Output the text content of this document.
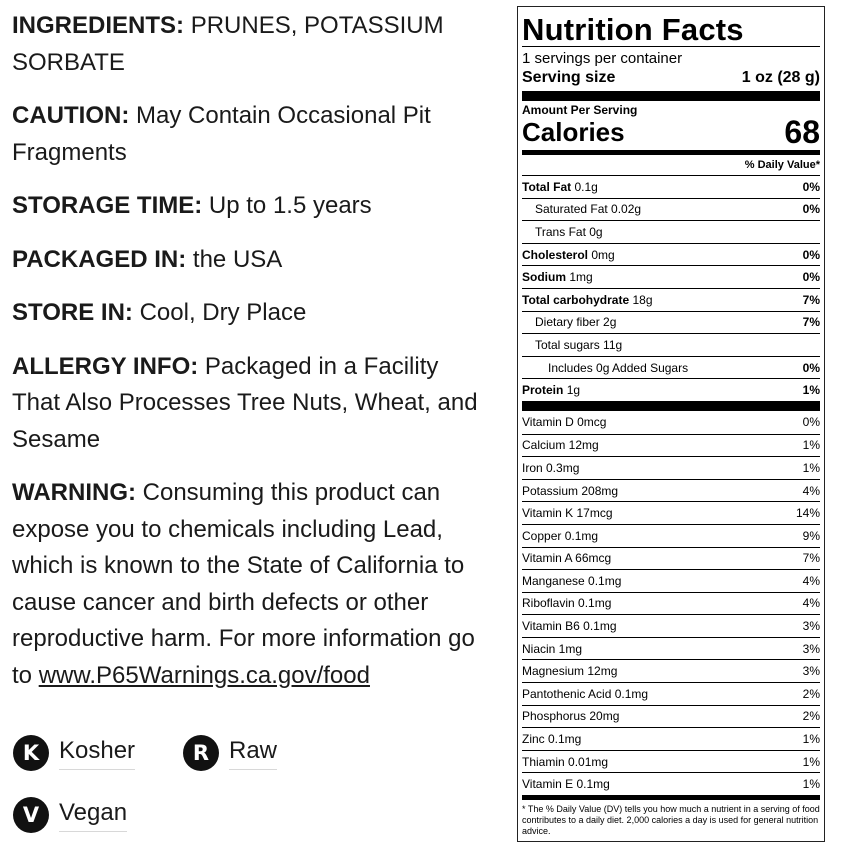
INGREDIENTS: PRUNES, POTASSIUM SORBATE

CAUTION: May Contain Occasional Pit Fragments

STORAGE TIME: Up to 1.5 years

PACKAGED IN: the USA

STORE IN: Cool, Dry Place

ALLERGY INFO: Packaged in a Facility That Also Processes Tree Nuts, Wheat, and Sesame

WARNING: Consuming this product can expose you to chemicals including Lead, which is known to the State of California to cause cancer and birth defects or other reproductive harm. For more information go to www.P65Warnings.ca.gov/food

K Kosher	R Raw
V Vegan
Nutrition Facts
1 servings per container
Serving size	1 oz (28 g)
Amount Per Serving
Calories	68
% Daily Value*
Total Fat 0.1g	0%
Saturated Fat 0.02g	0%
Trans Fat 0g
Cholesterol 0mg	0%
Sodium 1mg	0%
Total carbohydrate 18g	7%
Dietary fiber 2g	7%
Total sugars 11g
Includes 0g Added Sugars	0%
Protein 1g	1%
Vitamin D 0mcg	0%
Calcium 12mg	1%
Iron 0.3mg	1%
Potassium 208mg	4%
Vitamin K 17mcg	14%
Copper 0.1mg	9%
Vitamin A 66mcg	7%
Manganese 0.1mg	4%
Riboflavin 0.1mg	4%
Vitamin B6 0.1mg	3%
Niacin 1mg	3%
Magnesium 12mg	3%
Pantothenic Acid 0.1mg	2%
Phosphorus 20mg	2%
Zinc 0.1mg	1%
Thiamin 0.01mg	1%
Vitamin E 0.1mg	1%
* The % Daily Value (DV) tells you how much a nutrient in a serving of food contributes to a daily diet. 2,000 calories a day is used for general nutrition advice.
